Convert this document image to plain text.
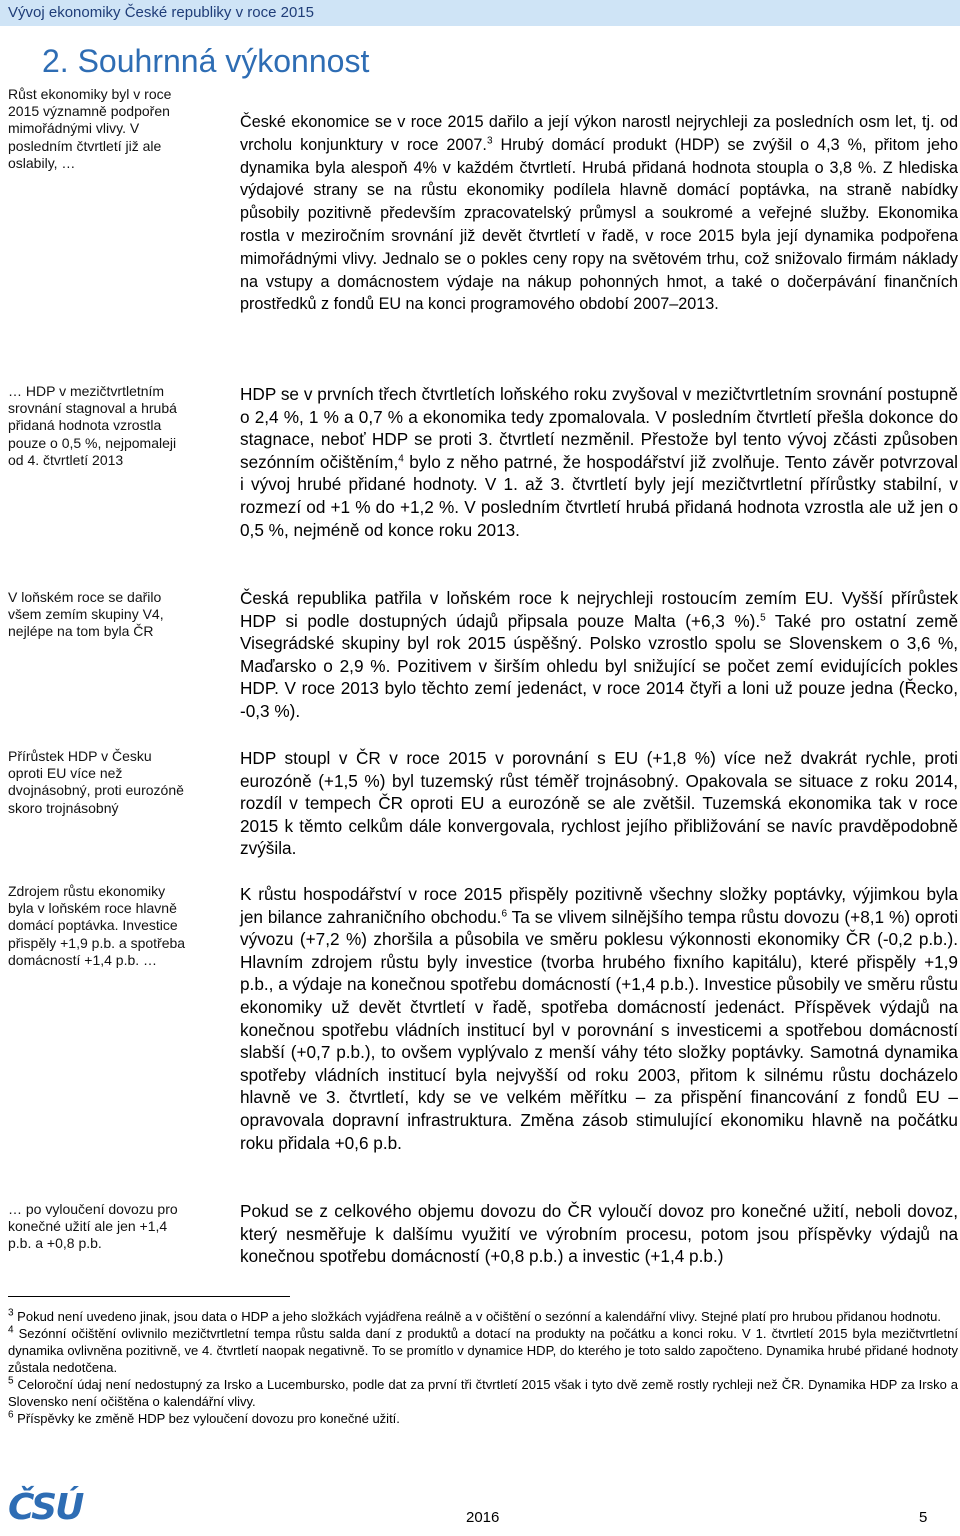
Vývoj ekonomiky České republiky v roce 2015
2. Souhrnná výkonnost
Růst ekonomiky byl v roce 2015 významně podpořen mimořádnými vlivy. V posledním čtvrtletí již ale oslabily, …
… HDP v mezičtvrtletním srovnání stagnoval a hrubá přidaná hodnota vzrostla pouze o 0,5 %, nejpomaleji od 4. čtvrtletí 2013
V loňském roce se dařilo všem zemím skupiny V4, nejlépe na tom byla ČR
Přírůstek HDP v Česku oproti EU více než dvojnásobný, proti eurozóně skoro trojnásobný
Zdrojem růstu ekonomiky byla v loňském roce hlavně domácí poptávka. Investice přispěly +1,9 p.b. a spotřeba domácností +1,4 p.b. …
… po vyloučení dovozu pro konečné užití ale jen +1,4 p.b. a +0,8 p.b.

České ekonomice se v roce 2015 dařilo a její výkon narostl nejrychleji za posledních osm let, tj. od vrcholu konjunktury v roce 2007.$^3$ Hrubý domácí produkt (HDP) se zvýšil o 4,3 %, přitom jeho dynamika byla alespoň 4% v každém čtvrtletí. Hrubá přidaná hodnota stoupla o 3,8 %. Z hlediska výdajové strany se na růstu ekonomiky podílela hlavně domácí poptávka, na straně nabídky působily pozitivně především zpracovatelský průmysl a soukromé a veřejné služby. Ekonomika rostla v meziročním srovnání již devět čtvrtletí v řadě, v roce 2015 byla její dynamika podpořena mimořádnými vlivy. Jednalo se o pokles ceny ropy na světovém trhu, což snižovalo firmám náklady na vstupy a domácnostem výdaje na nákup pohonných hmot, a také o dočerpávání finančních prostředků z fondů EU na konci programového období 2007–2013.

HDP se v prvních třech čtvrtletích loňského roku zvyšoval v mezičtvrtletním srovnání postupně o 2,4 %, 1 % a 0,7 % a ekonomika tedy zpomalovala. V posledním čtvrtletí přešla dokonce do stagnace, neboť HDP se proti 3. čtvrtletí nezměnil. Přestože byl tento vývoj zčásti způsoben sezónním očištěním,$^4$ bylo z něho patrné, že hospodářství již zvolňuje. Tento závěr potvrzoval i vývoj hrubé přidané hodnoty. V 1. až 3. čtvrtletí byly její mezičtvrtletní přírůstky stabilní, v rozmezí od +1 % do +1,2 %. V posledním čtvrtletí hrubá přidaná hodnota vzrostla ale už jen o 0,5 %, nejméně od konce roku 2013.

Česká republika patřila v loňském roce k nejrychleji rostoucím zemím EU. Vyšší přírůstek HDP si podle dostupných údajů připsala pouze Malta (+6,3 %).$^5$ Také pro ostatní země Visegrádské skupiny byl rok 2015 úspěšný. Polsko vzrostlo spolu se Slovenskem o 3,6 %, Maďarsko o 2,9 %. Pozitivem v širším ohledu byl snižující se počet zemí evidujících pokles HDP. V roce 2013 bylo těchto zemí jedenáct, v roce 2014 čtyři a loni už pouze jedna (Řecko, -0,3 %).

HDP stoupl v ČR v roce 2015 v porovnání s EU (+1,8 %) více než dvakrát rychle, proti eurozóně (+1,5 %) byl tuzemský růst téměř trojnásobný. Opakovala se situace z roku 2014, rozdíl v tempech ČR oproti EU a eurozóně se ale zvětšil. Tuzemská ekonomika tak v roce 2015 k těmto celkům dále konvergovala, rychlost jejího přibližování se navíc pravděpodobně zvýšila.

K růstu hospodářství v roce 2015 přispěly pozitivně všechny složky poptávky, výjimkou byla jen bilance zahraničního obchodu.$^6$ Ta se vlivem silnějšího tempa růstu dovozu (+8,1 %) oproti vývozu (+7,2 %) zhoršila a působila ve směru poklesu výkonnosti ekonomiky ČR (-0,2 p.b.). Hlavním zdrojem růstu byly investice (tvorba hrubého fixního kapitálu), které přispěly +1,9 p.b., a výdaje na konečnou spotřebu domácností (+1,4 p.b.). Investice působily ve směru růstu ekonomiky už devět čtvrtletí v řadě, spotřeba domácností jedenáct. Příspěvek výdajů na konečnou spotřebu vládních institucí byl v porovnání s investicemi a spotřebou domácností slabší (+0,7 p.b.), to ovšem vyplývalo z menší váhy této složky poptávky. Samotná dynamika spotřeby vládních institucí byla nejvyšší od roku 2003, přitom k silnému růstu docházelo hlavně ve 3. čtvrtletí, kdy se ve velkém měřítku – za přispění financování z fondů EU – opravovala dopravní infrastruktura. Změna zásob stimulující ekonomiku hlavně na počátku roku přidala +0,6 p.b.

Pokud se z celkového objemu dovozu do ČR vyloučí dovoz pro konečné užití, neboli dovoz, který nesměřuje k dalšímu využití ve výrobním procesu, potom jsou příspěvky výdajů na konečnou spotřebu domácností (+0,8 p.b.) a investic (+1,4 p.b.)

$^3$ Pokud není uvedeno jinak, jsou data o HDP a jeho složkách vyjádřena reálně a v očištění o sezónní a kalendářní vlivy. Stejné platí pro hrubou přidanou hodnotu.

$^4$ Sezónní očištění ovlivnilo mezičtvrtletní tempa růstu salda daní z produktů a dotací na produkty na počátku a konci roku. V 1. čtvrtletí 2015 byla mezičtvrtletní dynamika ovlivněna pozitivně, ve 4. čtvrtletí naopak negativně. To se promítlo v dynamice HDP, do kterého je toto saldo započteno. Dynamika hrubé přidané hodnoty zůstala nedotčena.

$^5$ Celoroční údaj není nedostupný za Irsko a Lucembursko, podle dat za první tři čtvrtletí 2015 však i tyto dvě země rostly rychleji než ČR. Dynamika HDP za Irsko a Slovensko není očištěna o kalendářní vlivy.

$^6$ Příspěvky ke změně HDP bez vyloučení dovozu pro konečné užití.

ČSÚ	2016	5
